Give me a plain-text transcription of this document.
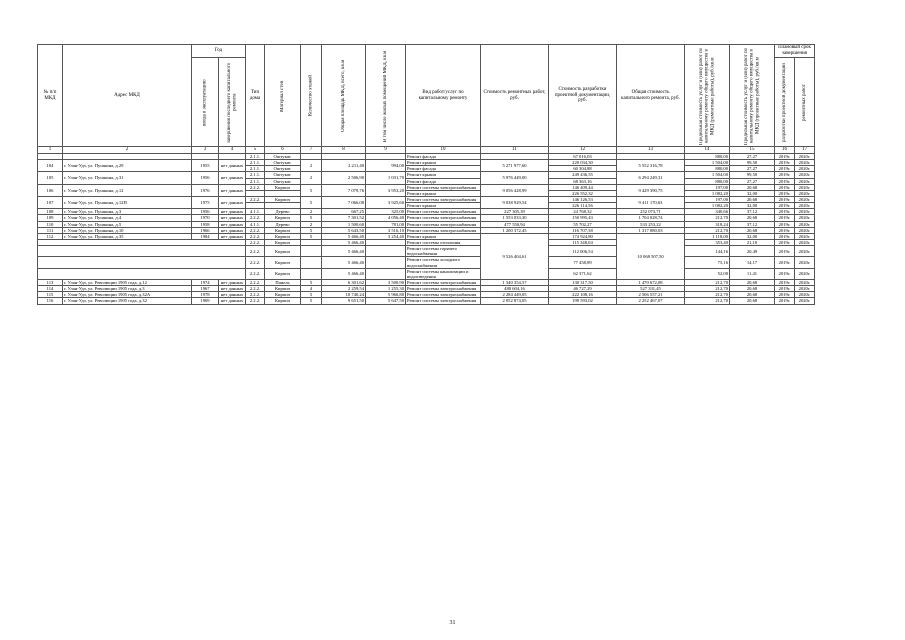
№ п/п МКД	Адрес МКД	Год		Тип дома	Материал стен	Количество этажей	Общая площадь МКД, всего, кв.м	В том числе жилых помещений МКД, кв.м	Вид работ/услуг по капитальному ремонту	Стоимость ремонтных работ, руб.	Стоимость разработки проектной документации, руб.	Общая стоимость капитального ремонта, руб.	Предельная стоимость услуг и (или) работ по капитальному ремонту общего имущества в МКД (ремонтные работы), руб./кв.м	Предельная стоимость услуг и (или) работ по капитальному ремонту общего имущества в МКД (проектные работы), руб./кв.м	Плановый срок завершения	
		ввода в эксплуатацию	завершения последнего капитального ремонта												разработки проектной документации	ремонтных работ
1	2	3	4	5	6	7	8	9	10	11	12	13	14	15	16	17
				2.1.1.	Оштукат.				Ремонт фасада		67 016,03		880,00	27,27	2019г.	2020г.
104	г. Улан-Удэ, ул. Пушкина, д.29	1955	нет данных	2.1.1.	Оштукат.	2	2 211,40	994,00	Ремонт крыши	5 271 977,60	220 034,30	5 552 316,78	1 504,00	99,50	2019г.	2020г.
				2.1.1.	Оштукат.				Ремонт фасада		60 304,88		880,00	27,27	2019г.	2020г.
105	г. Улан-Удэ, ул. Пушкина, д.31	1956	нет данных	2.1.1.	Оштукат.	2	2 506,90	1 031,70	Ремонт крыши	5 976 449,00	249 436,55	6 294 249,31	1 504,00	99,50	2019г.	2020г.
				2.1.1.	Оштукат.				Ремонт фасада		68 363,16		880,00	27,27	2019г.	2020г.
106	г. Улан-Удэ, ул. Пушкина, д.12	1976	нет данных	2.2.2.	Кирпич	5	7 079,76	3 953,20	Ремонт системы электроснабжения	9 056 428,99	146 409,44	9 429 390,75	197,00	20,68	2019г.	2020г.
									Ремонт крыши		226 552,32		1 082,20	32,00	2019г.	2020г.
107	г. Улан-Удэ, ул. Пушкина, д.12П	1975	нет данных	2.2.2.	Кирпич	5	7 066,08	3 925,60	Ремонт системы электроснабжения	9 038 929,54	146 126,53	9 411 170,63	197,00	20,68	2019г.	2020г.
									Ремонт крыши		226 114,56		1 082,20	32,00	2019г.	2020г.
108	г. Улан-Удэ, ул. Пушкина, д.3	1956	нет данных	4.1.1.	Дерево	2	667,25	325,00	Ремонт системы электроснабжения	227 305,39	24 768,32	252 073,71	340,66	37,12	2019г.	2020г.
109	г. Улан-Удэ, ул. Пушкина, д.4	1970	нет данных	2.2.2.	Кирпич	5	7 301,52	4 056,40	Ремонт системы электроснабжения	1 553 033,30	150 995,43	1 704 028,74	212,70	20,68	2019г.	2020г.
110	г. Улан-Удэ, ул. Пушкина, д.5	1958	нет данных	4.1.1.	Дерево	2	1 500,60	781,00	Ремонт системы электроснабжения	477 550,94	55 702,27	533 253,22	318,24	37,12	2019г.	2020г.
111	г. Улан-Удэ, ул. Пушкина, д.10	1966	нет данных	2.2.2.	Кирпич	5	5 643,50	3 516,10	Ремонт системы электроснабжения	1 200 372,45	116 707,58	1 317 080,03	212,70	20,68	2019г.	2020г.
112	г. Улан-Удэ, ул. Пушкина, д.35	1984	нет данных	2.2.2.	Кирпич	5	5 466,40	3 254,40	Ремонт крыши	9 526 404,61	174 924,80	10 068 507,50	1 118,00	32,00	2019г.	2020г.
				2.2.2.	Кирпич		5 466,40		Ремонт системы отопления		115 348,04		353,40	21,10	2019г.	2020г.
				2.2.2.	Кирпич		5 466,40		Ремонт системы горячего водоснабжения		112 006,54		144,16	20,49	2019г.	2020г.
				2.2.2.	Кирпич		5 466,40		Ремонт системы холодного водоснабжения		77 458,89		75,16	14,17	2019г.	2020г.
				2.2.2.	Кирпич		5 466,40		Ремонт системы канализации и водоотведения		62 371,62		52,00	11,41	2019г.	2020г.
113	г. Улан-Удэ, ул. Революции 1905 года, д.12	1974	нет данных	2.2.2.	Панель	5	6 301,62	3 500,90	Ремонт системы электроснабжения	1 340 354,57	130 317,50	1 470 672,08	212,70	20,68	2019г.	2020г.
114	г. Улан-Удэ, ул. Революции 1905 года, д.3	1967	нет данных	2.2.2.	Кирпич	4	2 259,54	1 255,30	Ремонт системы электроснабжения	480 604,16	46 727,29	527 331,45	212,70	20,68	2019г.	2020г.
115	г. Улан-Удэ, ул. Революции 1905 года, д.32А	1978	нет данных	2.2.2.	Кирпич	5	10 740,24	5 966,80	Ремонт системы электроснабжения	2 284 449,05	222 108,16	2 506 557,21	212,70	20,68	2019г.	2020г.
116	г. Улан-Удэ, ул. Революции 1905 года, д.32	1969	нет данных	2.2.2.	Кирпич	5	9 651,50	5 647,50	Ремонт системы электроснабжения	2 052 874,05	199 593,02	2 252 467,07	212,70	20,68	2019г.	2020г.
31
